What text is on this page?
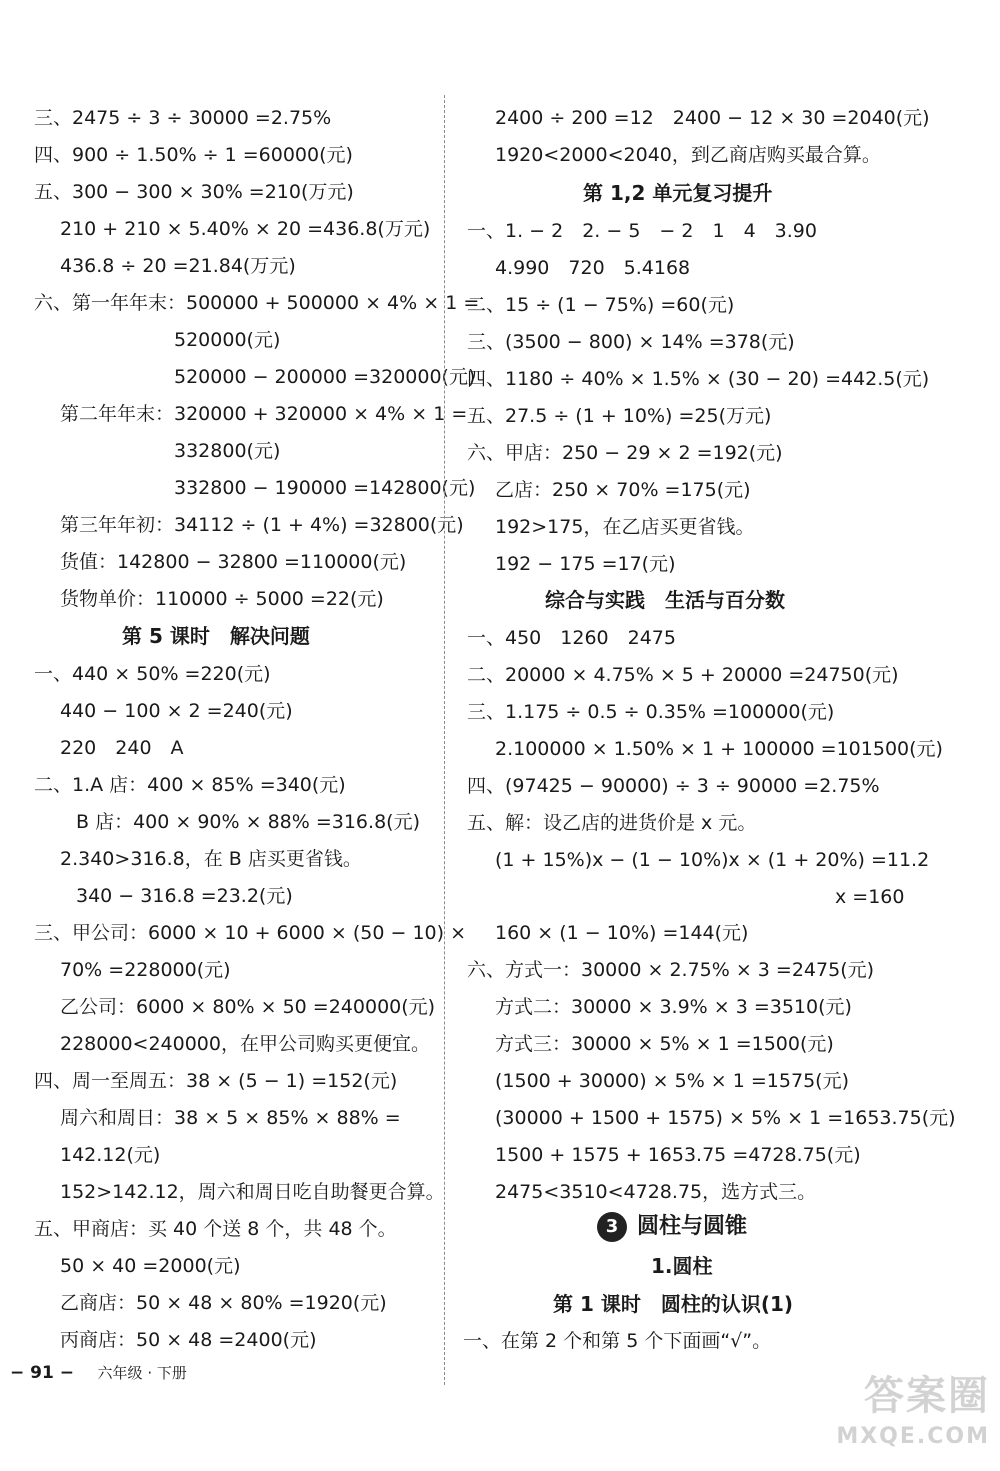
三、2475 ÷ 3 ÷ 30000 =2.75%
四、900 ÷ 1.50% ÷ 1 =60000(元)
五、300 − 300 × 30% =210(万元)
210 + 210 × 5.40% × 20 =436.8(万元)
436.8 ÷ 20 =21.84(万元)
六、第一年年末：500000 + 500000 × 4% × 1 =
520000(元)
520000 − 200000 =320000(元)
第二年年末：320000 + 320000 × 4% × 1 =
332800(元)
332800 − 190000 =142800(元)
第三年年初：34112 ÷ (1 + 4%) =32800(元)
货值：142800 − 32800 =110000(元)
货物单价：110000 ÷ 5000 =22(元)
第 5 课时　解决问题
一、440 × 50% =220(元)
440 − 100 × 2 =240(元)
220　240　A
二、1.A 店：400 × 85% =340(元)
B 店：400 × 90% × 88% =316.8(元)
2.340>316.8，在 B 店买更省钱。
340 − 316.8 =23.2(元)
三、甲公司：6000 × 10 + 6000 × (50 − 10) ×
70% =228000(元)
乙公司：6000 × 80% × 50 =240000(元)
228000<240000，在甲公司购买更便宜。
四、周一至周五：38 × (5 − 1) =152(元)
周六和周日：38 × 5 × 85% × 88% =
142.12(元)
152>142.12，周六和周日吃自助餐更合算。
五、甲商店：买 40 个送 8 个，共 48 个。
50 × 40 =2000(元)
乙商店：50 × 48 × 80% =1920(元)
丙商店：50 × 48 =2400(元)
2400 ÷ 200 =12　2400 − 12 × 30 =2040(元)
1920<2000<2040，到乙商店购买最合算。
第 1,2 单元复习提升
一、1. − 2　2. − 5　− 2　1　4　3.90
4.990　720　5.4168
二、15 ÷ (1 − 75%) =60(元)
三、(3500 − 800) × 14% =378(元)
四、1180 ÷ 40% × 1.5% × (30 − 20) =442.5(元)
五、27.5 ÷ (1 + 10%) =25(万元)
六、甲店：250 − 29 × 2 =192(元)
乙店：250 × 70% =175(元)
192>175，在乙店买更省钱。
192 − 175 =17(元)
综合与实践　生活与百分数
一、450　1260　2475
二、20000 × 4.75% × 5 + 20000 =24750(元)
三、1.175 ÷ 0.5 ÷ 0.35% =100000(元)
2.100000 × 1.50% × 1 + 100000 =101500(元)
四、(97425 − 90000) ÷ 3 ÷ 90000 =2.75%
五、解：设乙店的进货价是 x 元。
(1 + 15%)x − (1 − 10%)x × (1 + 20%) =11.2
x =160
160 × (1 − 10%) =144(元)
六、方式一：30000 × 2.75% × 3 =2475(元)
方式二：30000 × 3.9% × 3 =3510(元)
方式三：30000 × 5% × 1 =1500(元)
(1500 + 30000) × 5% × 1 =1575(元)
(30000 + 1500 + 1575) × 5% × 1 =1653.75(元)
1500 + 1575 + 1653.75 =4728.75(元)
2475<3510<4728.75，选方式三。
3 圆柱与圆锥
1.圆柱
第 1 课时　圆柱的认识(1)
一、在第 2 个和第 5 个下面画“√”。
− 91 − 六年级 · 下册	答案圈
MXQE.COM
